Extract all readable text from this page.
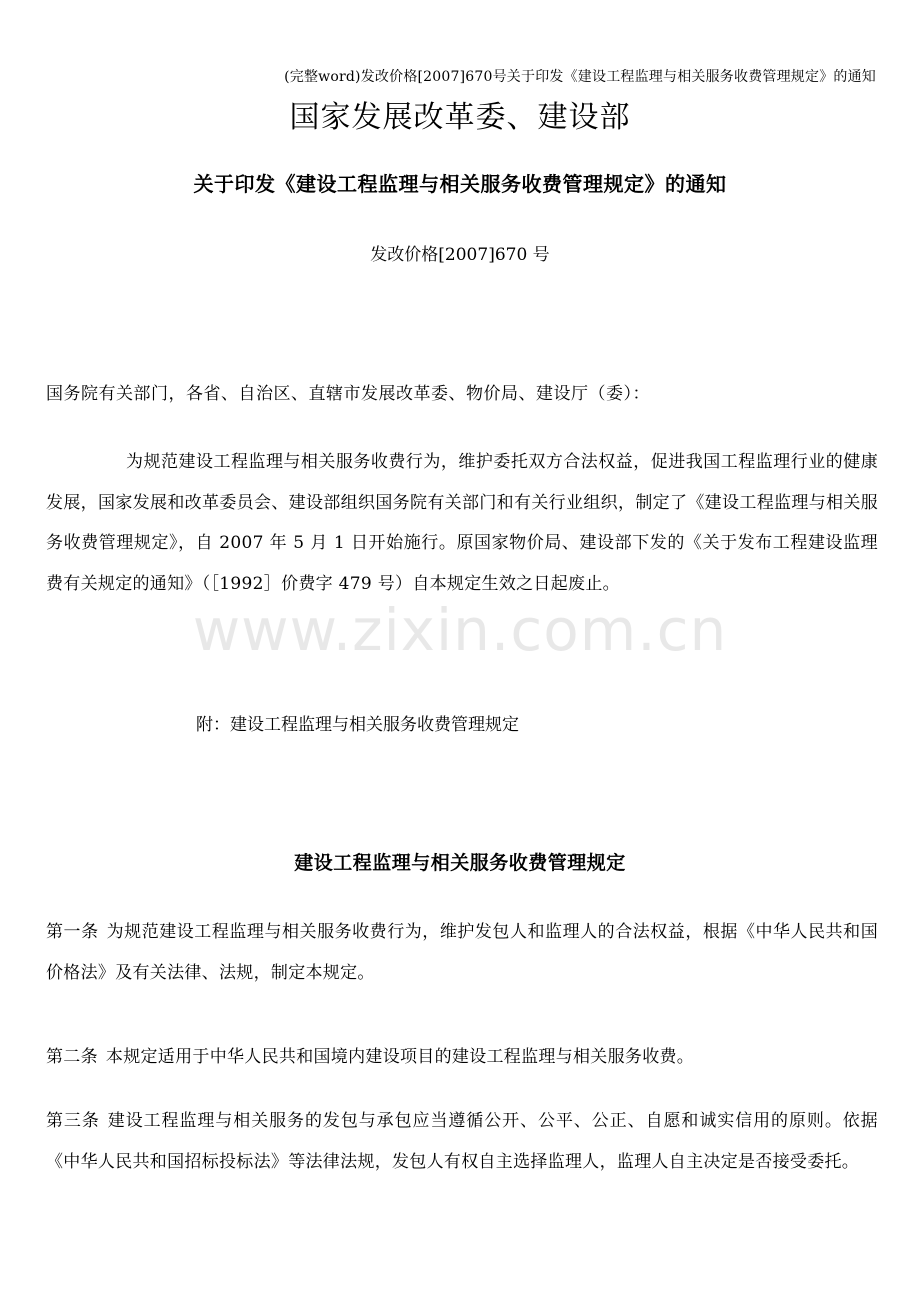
(完整word)发改价格[2007]670号关于印发《建设工程监理与相关服务收费管理规定》的通知
国家发展改革委、建设部
关于印发《建设工程监理与相关服务收费管理规定》的通知
发改价格[2007]670 号
国务院有关部门，各省、自治区、直辖市发展改革委、物价局、建设厅（委）：
为规范建设工程监理与相关服务收费行为，维护委托双方合法权益，促进我国工程监理行业的健康发展，国家发展和改革委员会、建设部组织国务院有关部门和有关行业组织，制定了《建设工程监理与相关服务收费管理规定》，自 2007 年 5 月 1 日开始施行。原国家物价局、建设部下发的《关于发布工程建设监理费有关规定的通知》（［1992］价费字 479 号）自本规定生效之日起废止。
附：建设工程监理与相关服务收费管理规定
建设工程监理与相关服务收费管理规定
第一条 为规范建设工程监理与相关服务收费行为，维护发包人和监理人的合法权益，根据《中华人民共和国价格法》及有关法律、法规，制定本规定。
第二条 本规定适用于中华人民共和国境内建设项目的建设工程监理与相关服务收费。
第三条 建设工程监理与相关服务的发包与承包应当遵循公开、公平、公正、自愿和诚实信用的原则。依据《中华人民共和国招标投标法》等法律法规，发包人有权自主选择监理人，监理人自主决定是否接受委托。
www.zixin.com.cn
